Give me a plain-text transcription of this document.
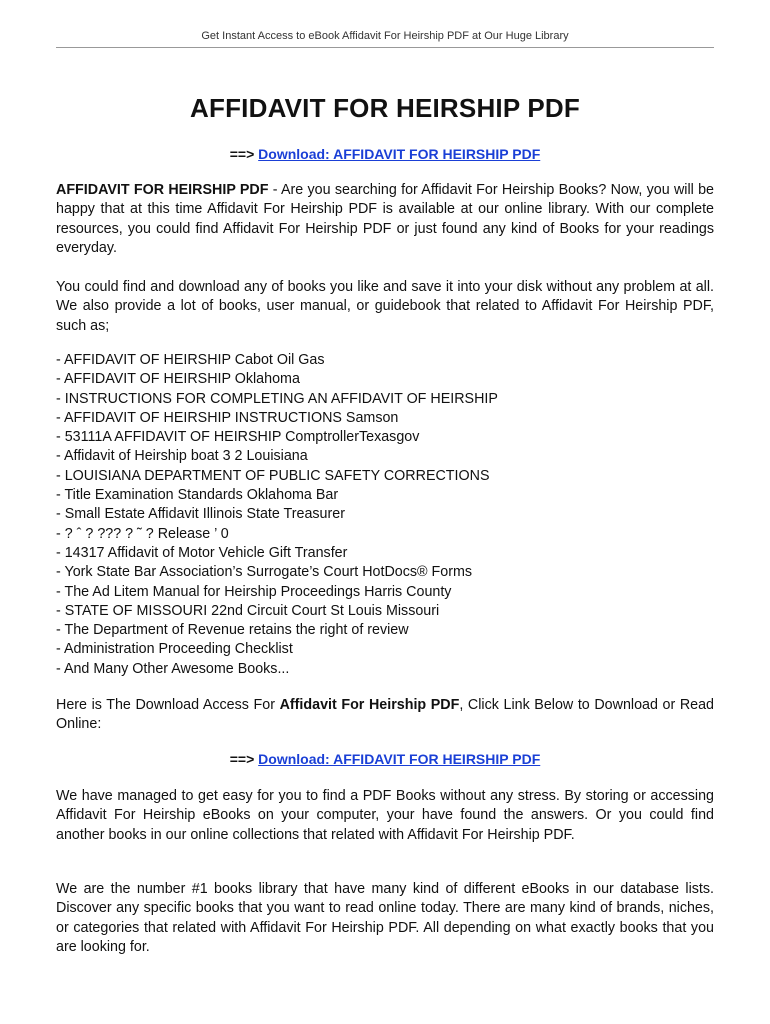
Get Instant Access to eBook Affidavit For Heirship PDF at Our Huge Library
AFFIDAVIT FOR HEIRSHIP PDF
==> Download: AFFIDAVIT FOR HEIRSHIP PDF

AFFIDAVIT FOR HEIRSHIP PDF - Are you searching for Affidavit For Heirship Books? Now, you will be happy that at this time Affidavit For Heirship PDF is available at our online library. With our complete resources, you could find Affidavit For Heirship PDF or just found any kind of Books for your readings everyday.

You could find and download any of books you like and save it into your disk without any problem at all. We also provide a lot of books, user manual, or guidebook that related to Affidavit For Heirship PDF, such as;

- AFFIDAVIT OF HEIRSHIP Cabot Oil Gas
- AFFIDAVIT OF HEIRSHIP Oklahoma
- INSTRUCTIONS FOR COMPLETING AN AFFIDAVIT OF HEIRSHIP
- AFFIDAVIT OF HEIRSHIP INSTRUCTIONS Samson
- 53111A AFFIDAVIT OF HEIRSHIP ComptrollerTexasgov
- Affidavit of Heirship boat 3 2 Louisiana
- LOUISIANA DEPARTMENT OF PUBLIC SAFETY CORRECTIONS
- Title Examination Standards Oklahoma Bar
- Small Estate Affidavit Illinois State Treasurer
- ? ˆ ? ??? ? ˜ ? Release ’ 0
- 14317 Affidavit of Motor Vehicle Gift Transfer
- York State Bar Association’s Surrogate’s Court HotDocs® Forms
- The Ad Litem Manual for Heirship Proceedings Harris County
- STATE OF MISSOURI 22nd Circuit Court St Louis Missouri
- The Department of Revenue retains the right of review
- Administration Proceeding Checklist
- And Many Other Awesome Books...

Here is The Download Access For Affidavit For Heirship PDF, Click Link Below to Download or Read Online:

==> Download: AFFIDAVIT FOR HEIRSHIP PDF

We have managed to get easy for you to find a PDF Books without any stress. By storing or accessing Affidavit For Heirship eBooks on your computer, your have found the answers. Or you could find another books in our online collections that related with Affidavit For Heirship PDF.

We are the number #1 books library that have many kind of different eBooks in our database lists. Discover any specific books that you want to read online today. There are many kind of brands, niches, or categories that related with Affidavit For Heirship PDF. All depending on what exactly books that you are looking for.
